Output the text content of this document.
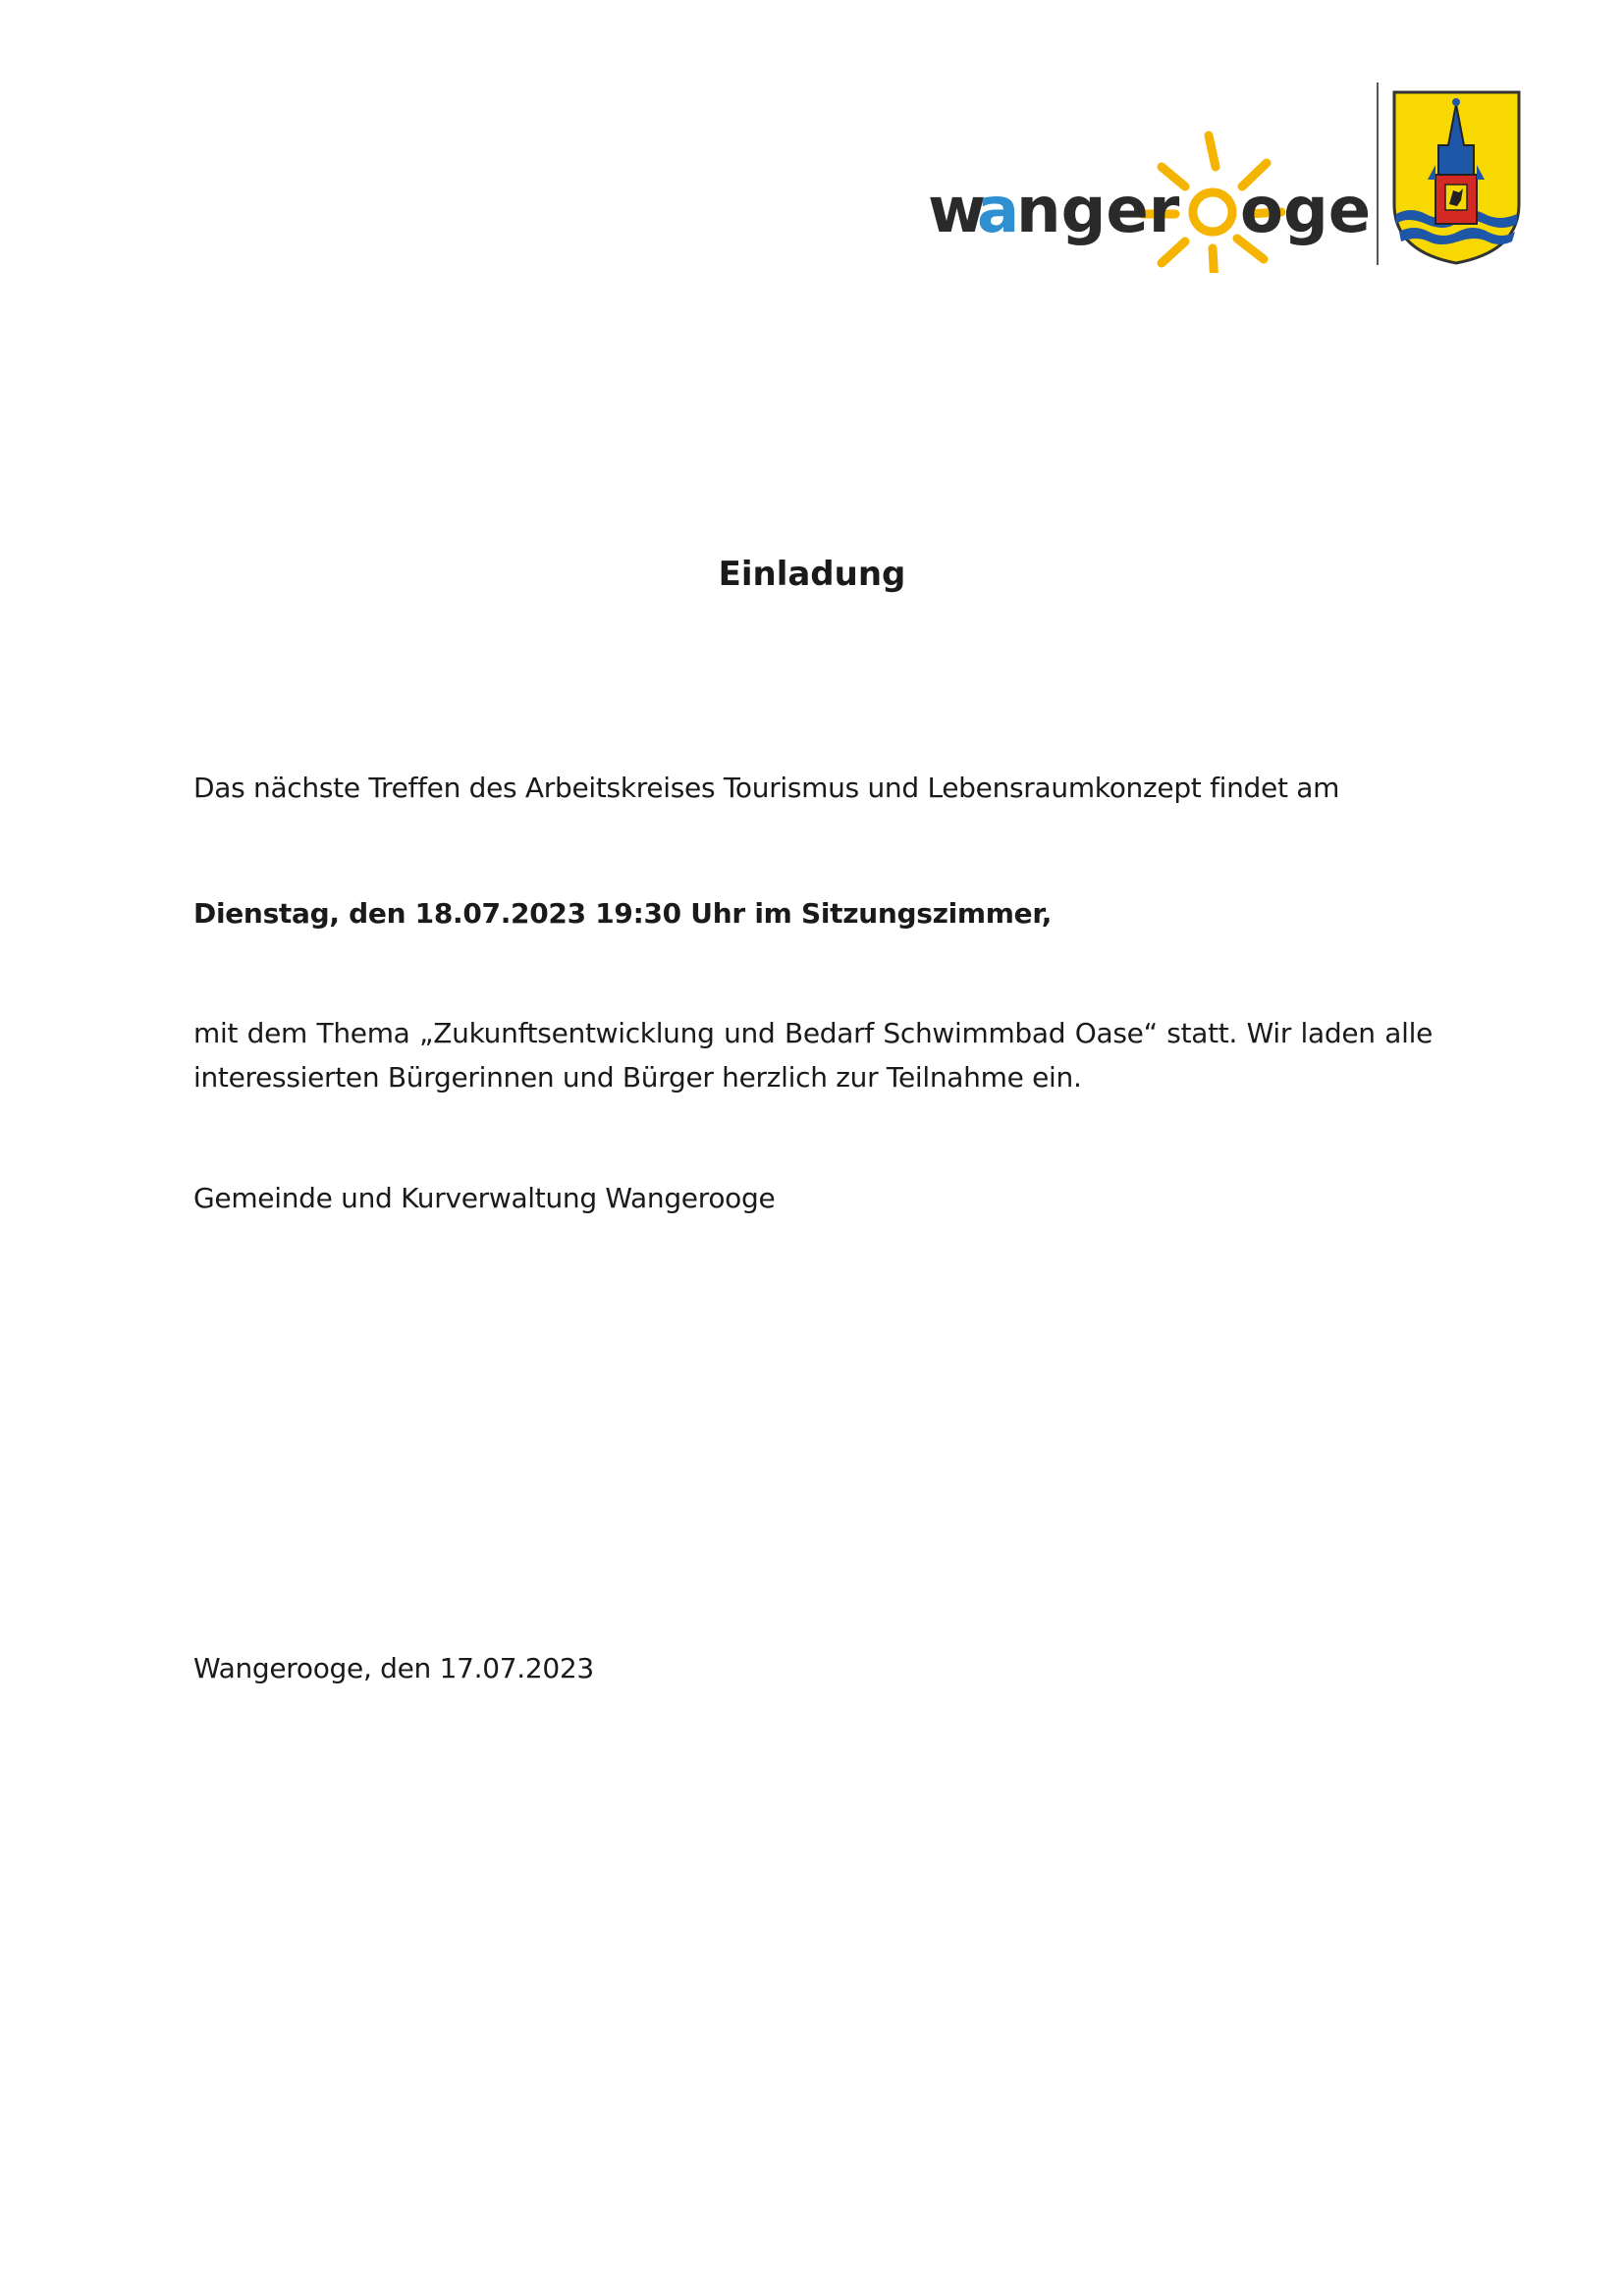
w
a
nger oge
Einladung
Das nächste Treffen des Arbeitskreises Tourismus und Lebensraumkonzept findet am
Dienstag, den 18.07.2023 19:30 Uhr im Sitzungszimmer,
mit dem Thema „Zukunftsentwicklung und Bedarf Schwimmbad Oase“ statt. Wir laden alle interessierten Bürgerinnen und Bürger herzlich zur Teilnahme ein.
Gemeinde und Kurverwaltung Wangerooge
Wangerooge, den 17.07.2023
